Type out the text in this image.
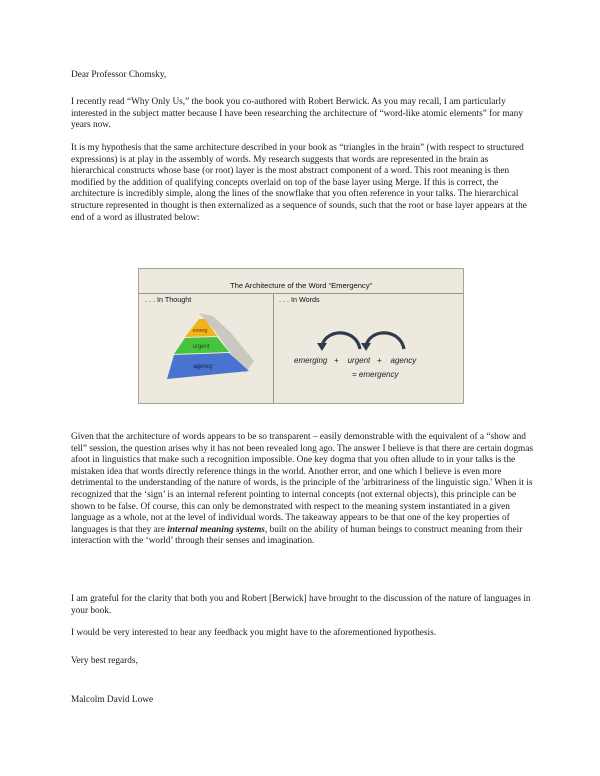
Dear Professor Chomsky,

I recently read “Why Only Us,” the book you co-authored with Robert Berwick. As you may recall, I am particularly interested in the subject matter because I have been researching the architecture of “word-like atomic elements” for many years now.

It is my hypothesis that the same architecture described in your book as “triangles in the brain” (with respect to structured expressions) is at play in the assembly of words. My research suggests that words are represented in the brain as hierarchical constructs whose base (or root) layer is the most abstract component of a word. This root meaning is then modified by the addition of qualifying concepts overlaid on top of the base layer using Merge. If this is correct, the architecture is incredibly simple, along the lines of the snowflake that you often reference in your talks. The hierarchical structure represented in thought is then externalized as a sequence of sounds, such that the root or base layer appears at the end of a word as illustrated below:

The Architecture of the Word “Emergency”
. . . In Thought	. . . In Words
emerg
urgent
agency
emerging   +    urgent   +    agency
= emergency

Given that the architecture of words appears to be so transparent – easily demonstrable with the equivalent of a “show and tell” session, the question arises why it has not been revealed long ago. The answer I believe is that there are certain dogmas afoot in linguistics that make such a recognition impossible. One key dogma that you often allude to in your talks is the mistaken idea that words directly reference things in the world. Another error, and one which I believe is even more detrimental to the understanding of the nature of words, is the principle of the 'arbitrariness of the linguistic sign.' When it is recognized that the ‘sign’ is an internal referent pointing to internal concepts (not external objects), this principle can be shown to be false. Of course, this can only be demonstrated with respect to the meaning system instantiated in a given language as a whole, not at the level of individual words. The takeaway appears to be that one of the key properties of languages is that they are internal meaning systems, built on the ability of human beings to construct meaning from their interaction with the ‘world’ through their senses and imagination.

I am grateful for the clarity that both you and Robert [Berwick] have brought to the discussion of the nature of languages in your book.

I would be very interested to hear any feedback you might have to the aforementioned hypothesis.

Very best regards,

Malcolm David Lowe
